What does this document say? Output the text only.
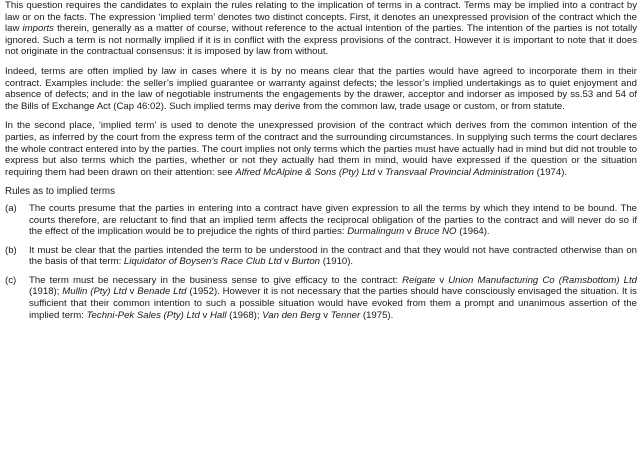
This question requires the candidates to explain the rules relating to the implication of terms in a contract. Terms may be implied into a contract by law or on the facts. The expression ‘implied term’ denotes two distinct concepts. First, it denotes an unexpressed provision of the contract which the law imports therein, generally as a matter of course, without reference to the actual intention of the parties. The intention of the parties is not totally ignored. Such a term is not normally implied if it is in conflict with the express provisions of the contract. However it is important to note that it does not originate in the contractual consensus: it is imposed by law from without.

Indeed, terms are often implied by law in cases where it is by no means clear that the parties would have agreed to incorporate them in their contract. Examples include: the seller’s implied guarantee or warranty against defects; the lessor’s implied undertakings as to quiet enjoyment and absence of defects; and in the law of negotiable instruments the engagements by the drawer, acceptor and indorser as imposed by ss.53 and 54 of the Bills of Exchange Act (Cap 46:02). Such implied terms may derive from the common law, trade usage or custom, or from statute.

In the second place, ‘implied term’ is used to denote the unexpressed provision of the contract which derives from the common intention of the parties, as inferred by the court from the express term of the contract and the surrounding circumstances. In supplying such terms the court declares the whole contract entered into by the parties. The court implies not only terms which the parties must have actually had in mind but did not trouble to express but also terms which the parties, whether or not they actually had them in mind, would have expressed if the question or the situation requiring them had been drawn on their attention: see Alfred McAlpine & Sons (Pty) Ltd v Transvaal Provincial Administration (1974).

Rules as to implied terms
(a)	The courts presume that the parties in entering into a contract have given expression to all the terms by which they intend to be bound. The courts therefore, are reluctant to find that an implied term affects the reciprocal obligation of the parties to the contract and will never do so if the effect of the implication would be to prejudice the rights of third parties: Durmalingum v Bruce NO (1964).
(b)	It must be clear that the parties intended the term to be understood in the contract and that they would not have contracted otherwise than on the basis of that term: Liquidator of Boysen’s Race Club Ltd v Burton (1910).
(c)	The term must be necessary in the business sense to give efficacy to the contract: Reigate v Union Manufacturing Co (Ramsbottom) Ltd (1918); Mullin (Pty) Ltd v Benade Ltd (1952). However it is not necessary that the parties should have consciously envisaged the situation. It is sufficient that their common intention to such a possible situation would have evoked from them a prompt and unanimous assertion of the implied term: Techni-Pek Sales (Pty) Ltd v Hall (1968); Van den Berg v Tenner (1975).
